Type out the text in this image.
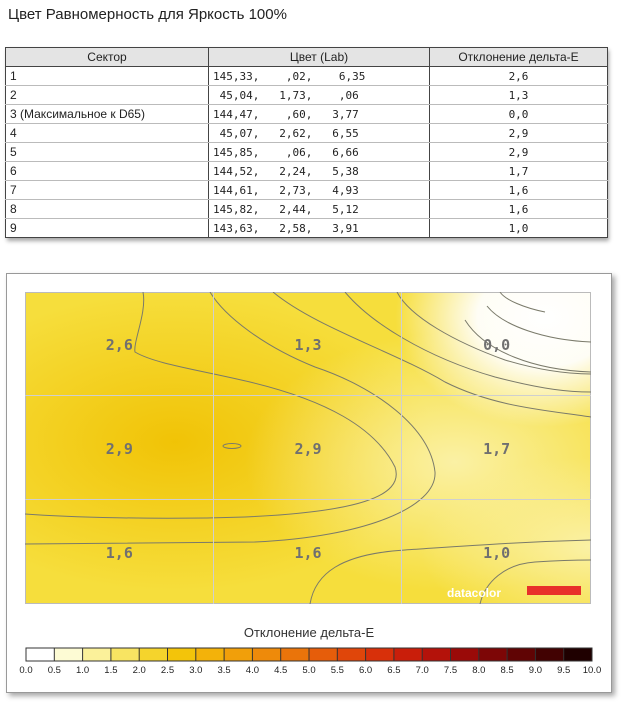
Цвет Равномерность для Яркость 100%
Сектор	Цвет (Lab)	Отклонение дельта-Е
1	145,33,    ,02,    6,35	2,6
2	45,04,   1,73,    ,06	1,3
3 (Максимальное к D65)	144,47,    ,60,   3,77	0,0
4	45,07,   2,62,   6,55	2,9
5	145,85,    ,06,   6,66	2,9
6	144,52,   2,24,   5,38	1,7
7	144,61,   2,73,   4,93	1,6
8	145,82,   2,44,   5,12	1,6
9	143,63,   2,58,   3,91	1,0
2,6	1,3	0,0
2,9	2,9	1,7
1,6	1,6	1,0
datacolor
Отклонение дельта-E
0.0 0.5 1.0 1.5 2.0 2.5 3.0 3.5 4.0 4.5 5.0 5.5 6.0 6.5 7.0 7.5 8.0 8.5 9.0 9.5 10.0
